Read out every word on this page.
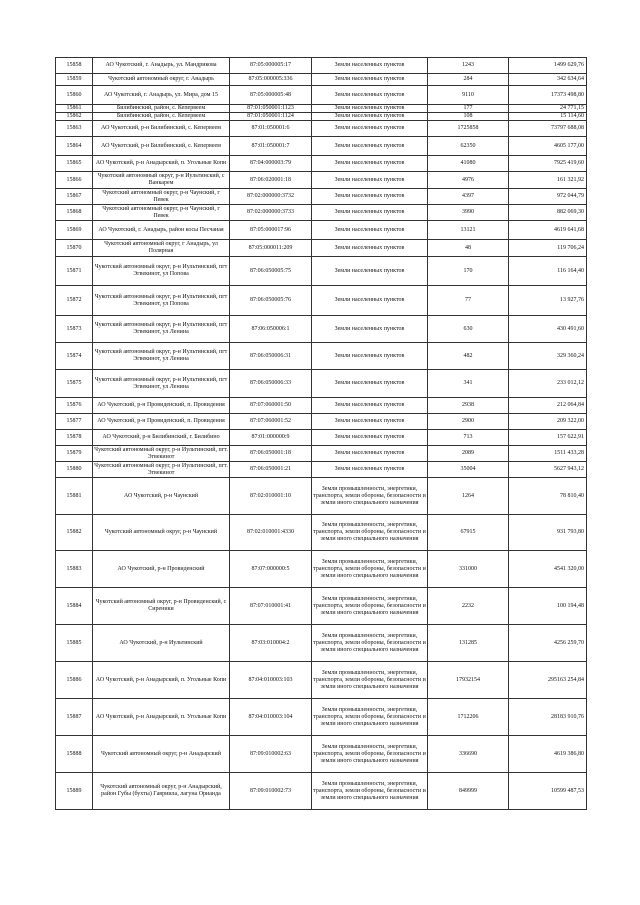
15858	АО Чукотский, г. Анадырь, ул. Мандрикова	87:05:000005:17	Земли населенных пунктов	1243	1499 629,76
15859	Чукотский автономный округ, г. Анадырь	87:05:000005:336	Земли населенных пунктов	284	342 634,64
15860	АО Чукотский, г. Анадырь, ул. Мира, дом 15	87:05:000005:48	Земли населенных пунктов	9110	17373 498,80
15861	Билибинский, район, с. Кепервеем	87:01:050001:1123	Земли населенных пунктов	177	24 771,15
15862	Билибинский, район, с. Кепервеем	87:01:050001:1124	Земли населенных пунктов	108	15 114,60
15863	АО Чукотский, р-н Билибинский, с. Кепервеем	87:01:050001:6	Земли населенных пунктов	1725858	73797 688,08
15864	АО Чукотский, р-н Билибинский, с. Кепервеем	87:01:050001:7	Земли населенных пунктов	62350	4605 177,00
15865	АО Чукотский, р-н Анадырский, п. Угольные Копи	87:04:000003:79	Земли населенных пунктов	41080	7925 419,60
15866	Чукотский автономный округ, р-н Иультинский, с Ванкарем	87:06:020001:18	Земли населенных пунктов	4976	161 321,92
15867	Чукотский автономный округ, р-н Чаунский, г Певек	87:02:000000:3732	Земли населенных пунктов	4397	972 044,79
15868	Чукотский автономный округ, р-н Чаунский, г Певек	87:02:000000:3733	Земли населенных пунктов	3990	882 069,30
15869	АО Чукотский, г. Анадырь, район косы Песчаная	87:05:000017:96	Земли населенных пунктов	13121	4619 641,68
15870	Чукотский автономный округ, г Анадырь, ул Полярная	87:05:000011:209	Земли населенных пунктов	48	119 706,24
15871	Чукотский автономный округ, р-н Иультинский, пгт Эгвекинот, ул Попова	87:06:050005:75	Земли населенных пунктов	170	116 164,40
15872	Чукотский автономный округ, р-н Иультинский, пгт Эгвекинот, ул Попова	87:06:050005:76	Земли населенных пунктов	77	13 927,76
15873	Чукотский автономный округ, р-н Иультинский, пгт Эгвекинот, ул Ленина	87:06:050006:1	Земли населенных пунктов	630	430 491,60
15874	Чукотский автономный округ, р-н Иультинский, пгт Эгвекинот, ул Ленина	87:06:050006:31	Земли населенных пунктов	482	329 360,24
15875	Чукотский автономный округ, р-н Иультинский, пгт Эгвекинот, ул Ленина	87:06:050006:33	Земли населенных пунктов	341	233 012,12
15876	АО Чукотский, р-н Провиденский, п. Провидения	87:07:060001:50	Земли населенных пунктов	2938	212 064,84
15877	АО Чукотский, р-н Провиденский, п. Провидения	87:07:060001:52	Земли населенных пунктов	2900	209 322,00
15878	АО Чукотский, р-н Билибинский, г. Билибино	87:01:000000:9	Земли населенных пунктов	713	157 622,91
15879	Чукотский автономный округ, р-н Иультинский, пгт. Эгвекинот	87:06:050001:18	Земли населенных пунктов	2089	1511 433,28
15880	Чукотский автономный округ, р-н Иультинский, пгт. Эгвекинот	87:06:050001:21	Земли населенных пунктов	35004	5627 943,12
15881	АО Чукотский, р-н Чаунский	87:02:010001:10	Земли промышленности, энергетики, транспорта, земли обороны, безопасности и земли иного специального назначения	1264	78 810,40
15882	Чукотский автономный округ, р-н Чаунский	87:02:010001:4330	Земли промышленности, энергетики, транспорта, земли обороны, безопасности и земли иного специального назначения	67915	931 793,80
15883	АО Чукотский, р-н Провиденский	87:07:000000:5	Земли промышленности, энергетики, транспорта, земли обороны, безопасности и земли иного специального назначения	331000	4541 320,00
15884	Чукотский автономный округ, р-н Провиденский, с Сиреники	87:07:010001:41	Земли промышленности, энергетики, транспорта, земли обороны, безопасности и земли иного специального назначения	2232	100 194,48
15885	АО Чукотский, р-н Иультинский	87:03:010004:2	Земли промышленности, энергетики, транспорта, земли обороны, безопасности и земли иного специального назначения	131285	4256 259,70
15886	АО Чукотский, р-н Анадырский, п. Угольные Копи	87:04:010003:103	Земли промышленности, энергетики, транспорта, земли обороны, безопасности и земли иного специального назначения	17932154	295163 254,84
15887	АО Чукотский, р-н Анадырский, п. Угольные Копи	87:04:010003:104	Земли промышленности, энергетики, транспорта, земли обороны, безопасности и земли иного специального назначения	1712206	28183 910,76
15888	Чукотский автономный округ, р-н Анадырский	87:09:010002:63	Земли промышленности, энергетики, транспорта, земли обороны, безопасности и земли иного специального назначения	336690	4619 386,80
15889	Чукотский автономный округ, р-н Анадырский, район Губы (бухты) Гавриила, лагуна Орианда	87:09:010002:73	Земли промышленности, энергетики, транспорта, земли обороны, безопасности и земли иного специального назначения	849999	10599 487,53
